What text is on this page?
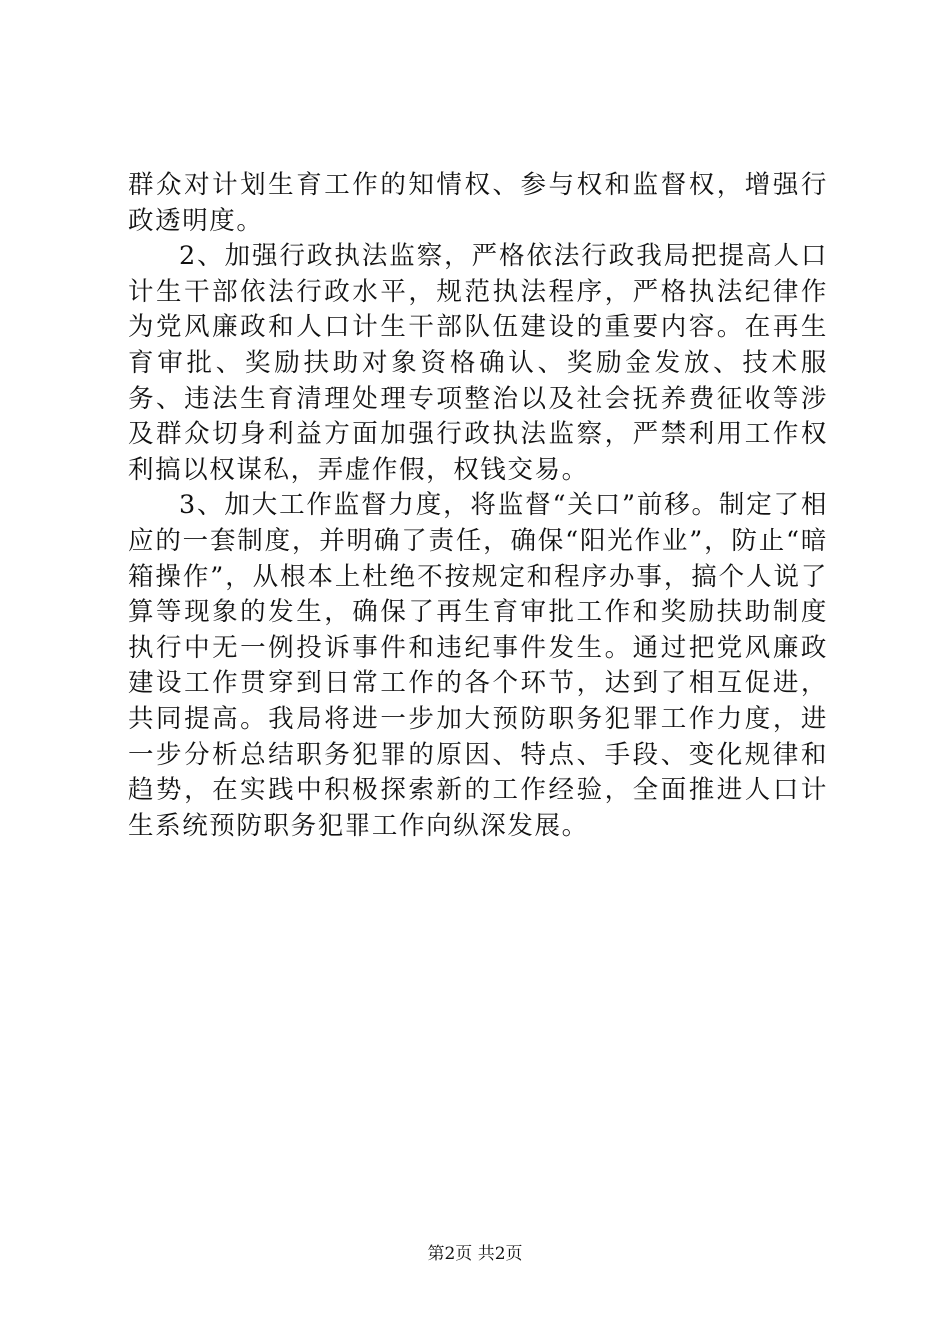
群众对计划生育工作的知情权、参与权和监督权，增强行政透明度。

2、加强行政执法监察，严格依法行政我局把提高人口计生干部依法行政水平，规范执法程序，严格执法纪律作为党风廉政和人口计生干部队伍建设的重要内容。在再生育审批、奖励扶助对象资格确认、奖励金发放、技术服务、违法生育清理处理专项整治以及社会抚养费征收等涉及群众切身利益方面加强行政执法监察，严禁利用工作权利搞以权谋私，弄虚作假，权钱交易。

3、加大工作监督力度，将监督“关口”前移。制定了相应的一套制度，并明确了责任，确保“阳光作业”，防止“暗箱操作”，从根本上杜绝不按规定和程序办事，搞个人说了算等现象的发生，确保了再生育审批工作和奖励扶助制度执行中无一例投诉事件和违纪事件发生。通过把党风廉政建设工作贯穿到日常工作的各个环节，达到了相互促进，共同提高。我局将进一步加大预防职务犯罪工作力度，进一步分析总结职务犯罪的原因、特点、手段、变化规律和趋势，在实践中积极探索新的工作经验，全面推进人口计生系统预防职务犯罪工作向纵深发展。

第2页 共2页
